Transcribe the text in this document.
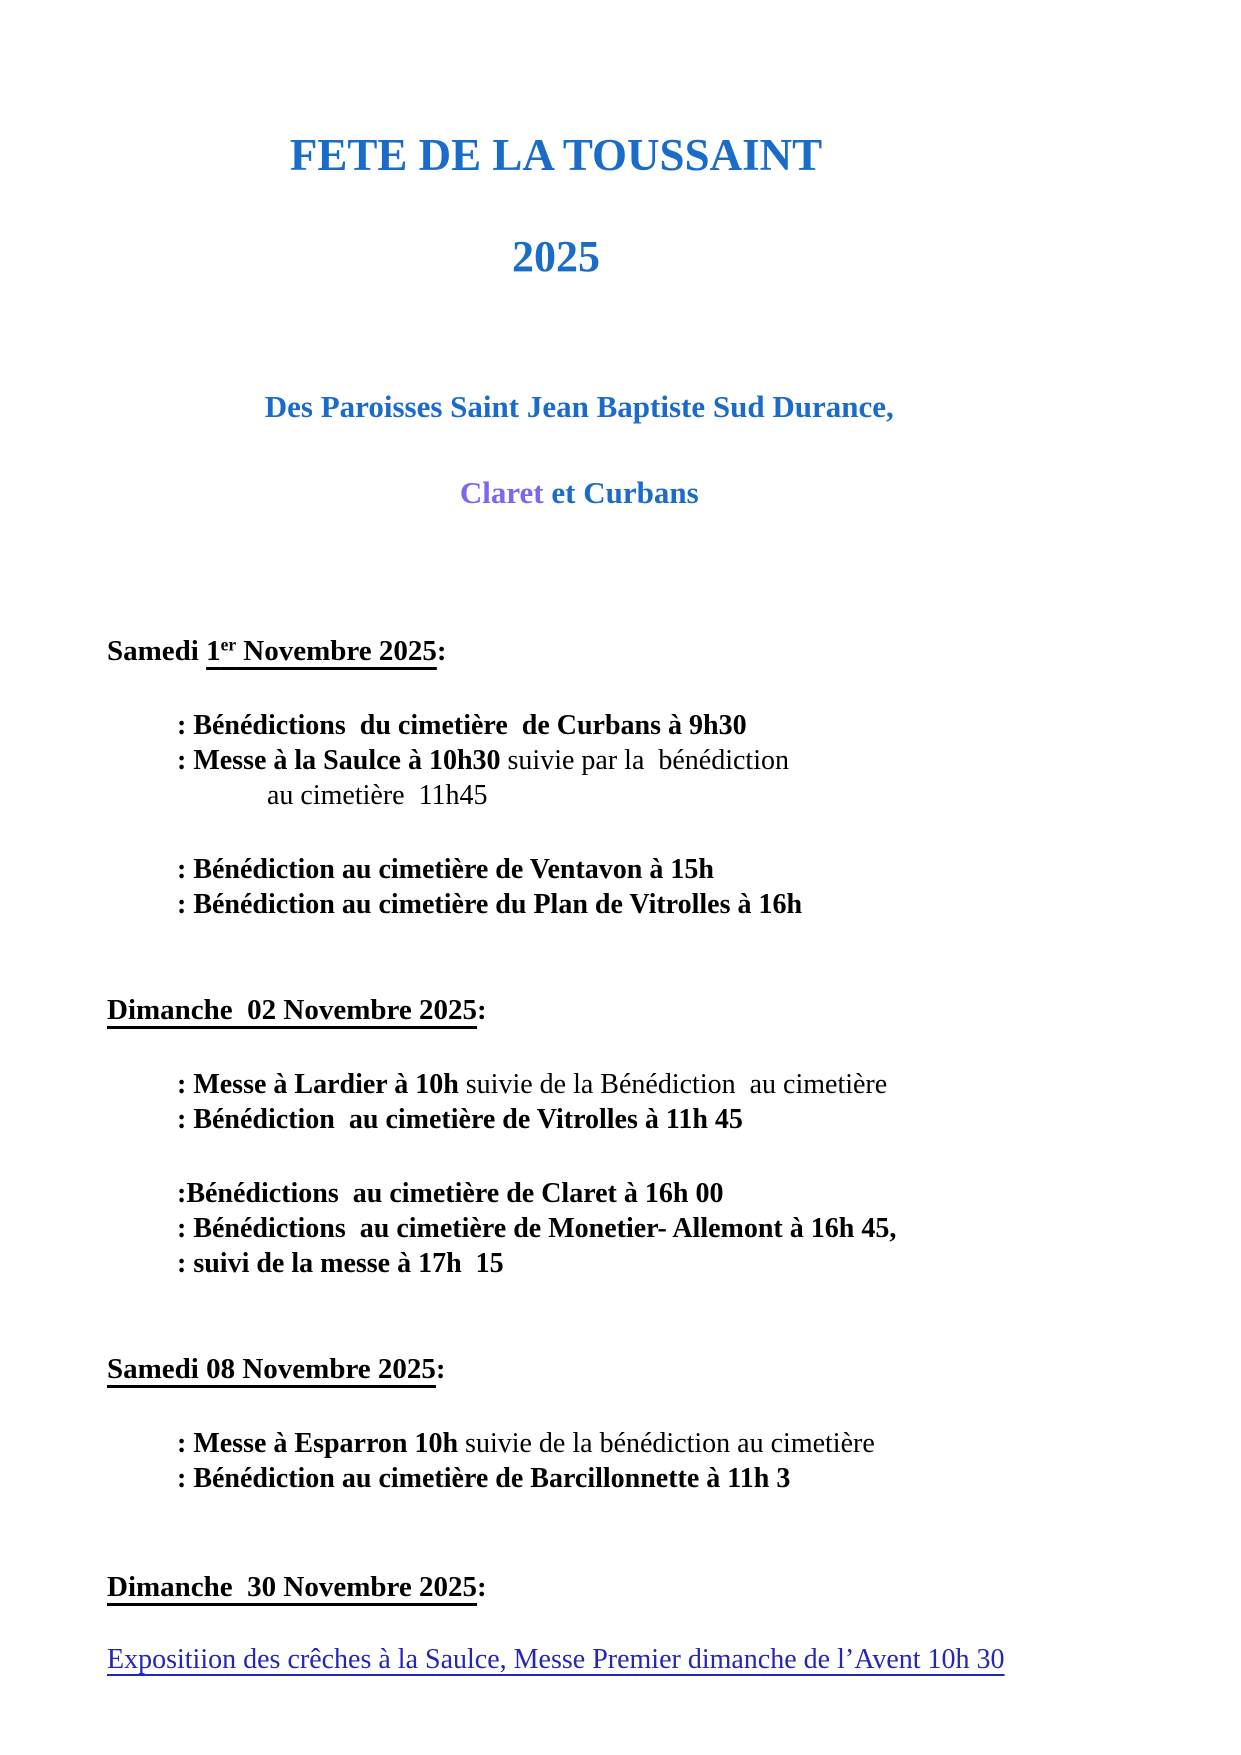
FETE DE LA TOUSSAINT
2025

Des Paroisses Saint Jean Baptiste Sud Durance,

Claret et Curbans

Samedi 1er Novembre 2025:
: Bénédictions  du cimetière  de Curbans à 9h30
: Messe à la Saulce à 10h30 suivie par la  bénédiction
au cimetière  11h45
: Bénédiction au cimetière de Ventavon à 15h
: Bénédiction au cimetière du Plan de Vitrolles à 16h
Dimanche  02 Novembre 2025:
: Messe à Lardier à 10h suivie de la Bénédiction  au cimetière
: Bénédiction  au cimetière de Vitrolles à 11h 45
:Bénédictions  au cimetière de Claret à 16h 00
: Bénédictions  au cimetière de Monetier- Allemont à 16h 45,
: suivi de la messe à 17h  15
Samedi 08 Novembre 2025:
: Messe à Esparron 10h suivie de la bénédiction au cimetière
: Bénédiction au cimetière de Barcillonnette à 11h 3
Dimanche  30 Novembre 2025:
Expositiion des crêches à la Saulce, Messe Premier dimanche de l’Avent 10h 30
